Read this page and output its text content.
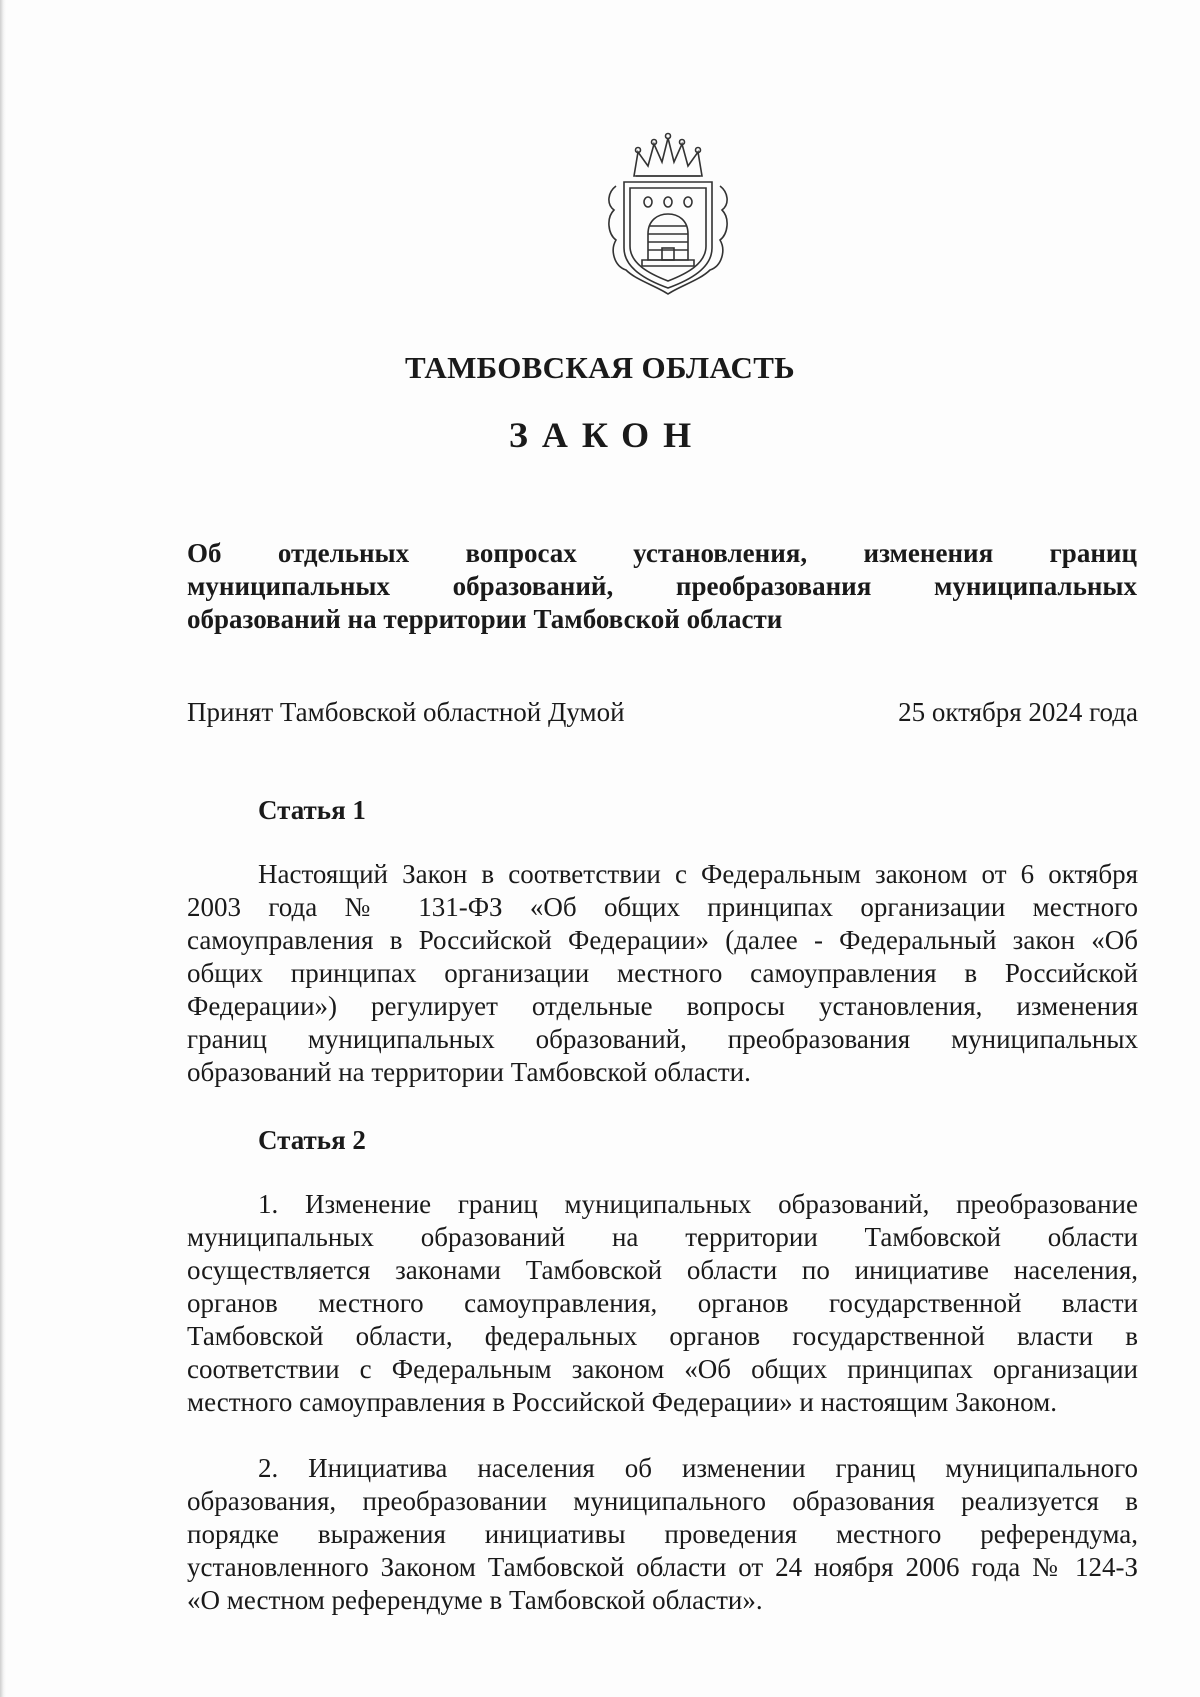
ТАМБОВСКАЯ ОБЛАСТЬ
ЗАКОН
Об отдельных вопросах установления, изменения границ
муниципальных образований, преобразования муниципальных
образований на территории Тамбовской области
Принят Тамбовской областной Думой	25 октября 2024 года
Статья 1
Настоящий Закон в соответствии с Федеральным законом от 6 октября
2003 года № 131-ФЗ «Об общих принципах организации местного
самоуправления в Российской Федерации» (далее - Федеральный закон «Об
общих принципах организации местного самоуправления в Российской
Федерации») регулирует отдельные вопросы установления, изменения
границ муниципальных образований, преобразования муниципальных
образований на территории Тамбовской области.
Статья 2
1. Изменение границ муниципальных образований, преобразование
муниципальных образований на территории Тамбовской области
осуществляется законами Тамбовской области по инициативе населения,
органов местного самоуправления, органов государственной власти
Тамбовской области, федеральных органов государственной власти в
соответствии с Федеральным законом «Об общих принципах организации
местного самоуправления в Российской Федерации» и настоящим Законом.
2. Инициатива населения об изменении границ муниципального
образования, преобразовании муниципального образования реализуется в
порядке выражения инициативы проведения местного референдума,
установленного Законом Тамбовской области от 24 ноября 2006 года № 124-З
«О местном референдуме в Тамбовской области».
